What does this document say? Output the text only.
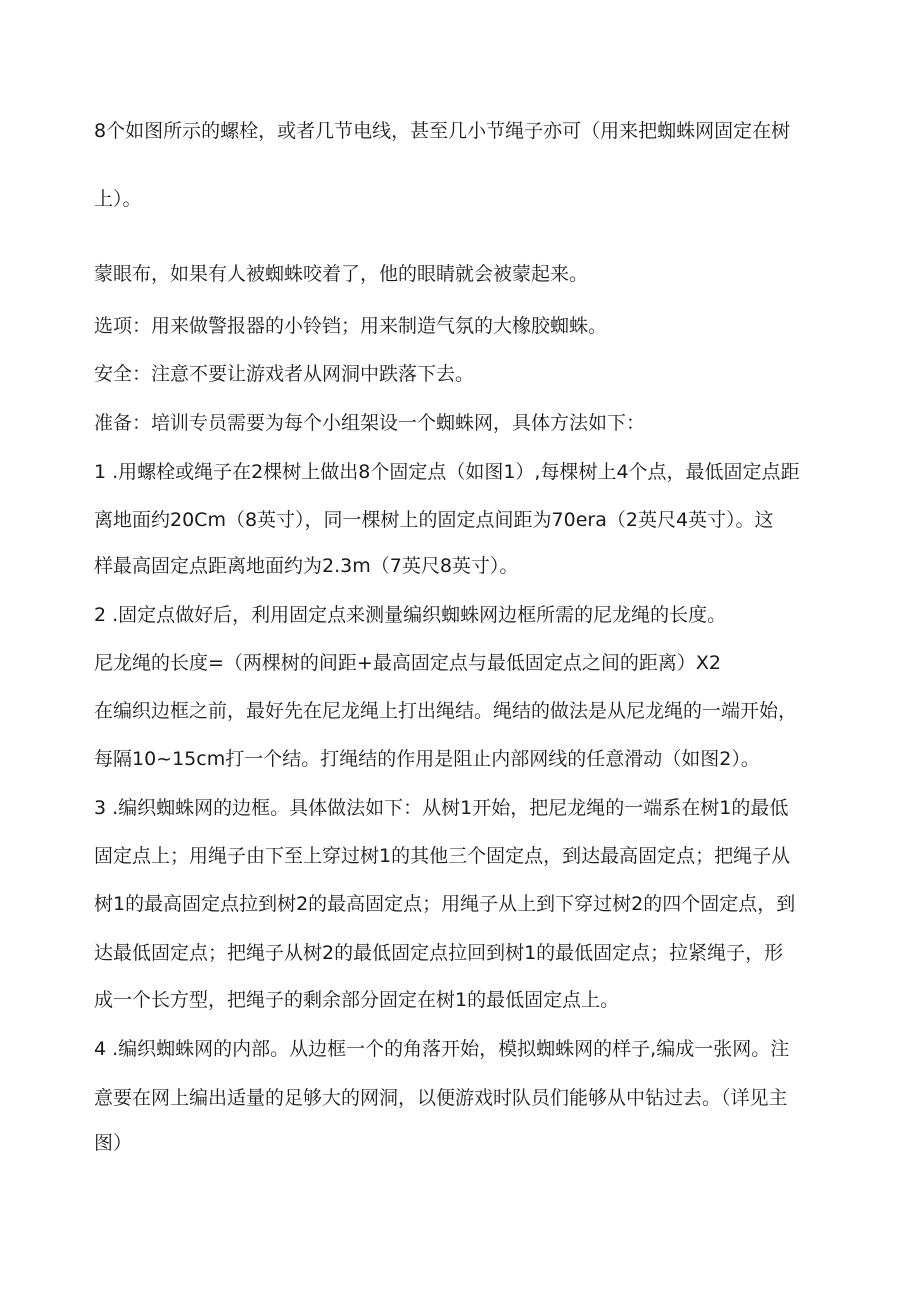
8个如图所示的螺栓，或者几节电线，甚至几小节绳子亦可（用来把蜘蛛网固定在树
上）。
蒙眼布，如果有人被蜘蛛咬着了，他的眼睛就会被蒙起来。
选项：用来做警报器的小铃铛；用来制造气氛的大橡胶蜘蛛。
安全：注意不要让游戏者从网洞中跌落下去。
准备：培训专员需要为每个小组架设一个蜘蛛网，具体方法如下：
1 .用螺栓或绳子在2棵树上做出8个固定点（如图1）,每棵树上4个点，最低固定点距
离地面约20Cm（8英寸），同一棵树上的固定点间距为70era（2英尺4英寸）。这
样最高固定点距离地面约为2.3m（7英尺8英寸）。
2 .固定点做好后，利用固定点来测量编织蜘蛛网边框所需的尼龙绳的长度。
尼龙绳的长度=（两棵树的间距+最高固定点与最低固定点之间的距离）X2
在编织边框之前，最好先在尼龙绳上打出绳结。绳结的做法是从尼龙绳的一端开始，
每隔10~15cm打一个结。打绳结的作用是阻止内部网线的任意滑动（如图2）。
3 .编织蜘蛛网的边框。具体做法如下：从树1开始，把尼龙绳的一端系在树1的最低
固定点上；用绳子由下至上穿过树1的其他三个固定点，到达最高固定点；把绳子从
树1的最高固定点拉到树2的最高固定点；用绳子从上到下穿过树2的四个固定点，到
达最低固定点；把绳子从树2的最低固定点拉回到树1的最低固定点；拉紧绳子，形
成一个长方型，把绳子的剩余部分固定在树1的最低固定点上。
4 .编织蜘蛛网的内部。从边框一个的角落开始，模拟蜘蛛网的样子,编成一张网。注
意要在网上编出适量的足够大的网洞，以便游戏时队员们能够从中钻过去。（详见主
图）
